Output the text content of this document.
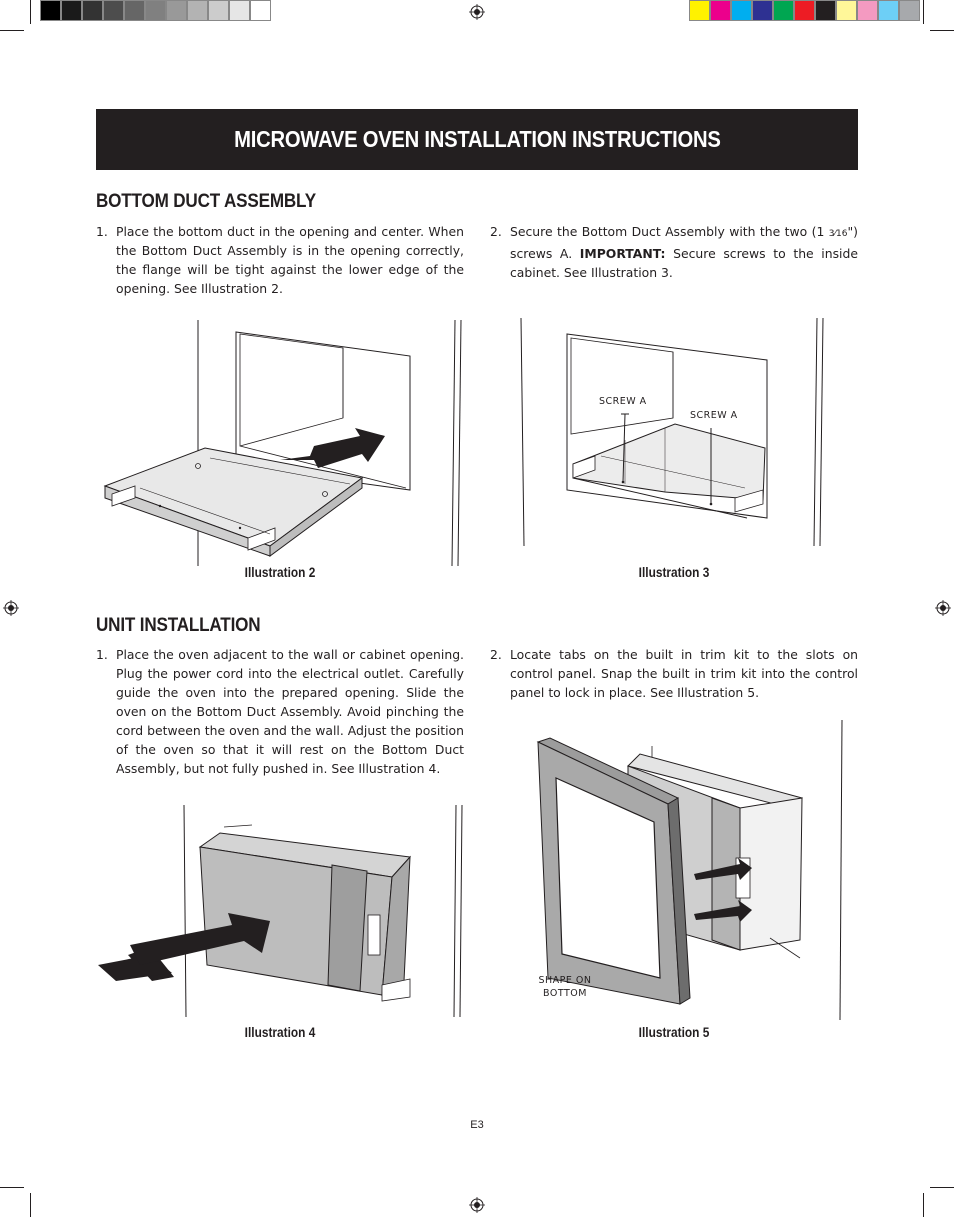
MICROWAVE OVEN INSTALLATION INSTRUCTIONS
BOTTOM DUCT ASSEMBLY
1. Place the bottom duct in the opening and center. When the Bottom Duct Assembly is in the opening correctly, the flange will be tight against the lower edge of the opening. See Illustration 2.
2. Secure the Bottom Duct Assembly with the two (1 3⁄16") screws A. IMPORTANT: Secure screws to the inside cabinet. See Illustration 3.
Illustration 2
SCREW A
SCREW A
Illustration 3
UNIT INSTALLATION
1. Place the oven adjacent to the wall or cabinet opening. Plug the power cord into the electrical outlet. Carefully guide the oven into the prepared opening. Slide the oven on the Bottom Duct Assembly. Avoid pinching the cord between the oven and the wall. Adjust the position of the oven so that it will rest on the Bottom Duct Assembly, but not fully pushed in. See Illustration 4.
2. Locate tabs on the built in trim kit to the slots on control panel. Snap the built in trim kit into the control panel to lock in place. See Illustration 5.
Illustration 4
SHAPE ON
BOTTOM
Illustration 5
E3
